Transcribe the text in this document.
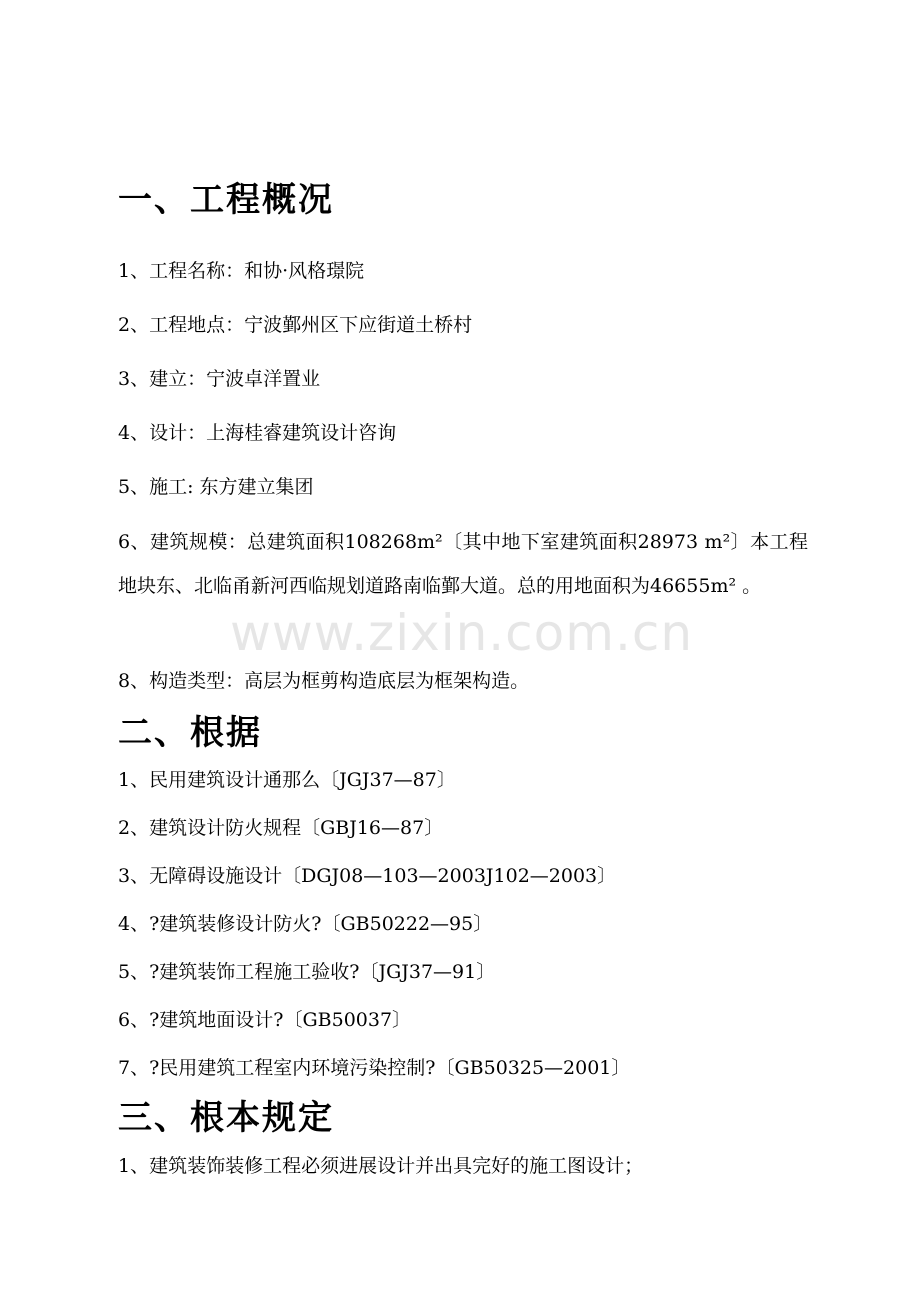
www.zixin.com.cn
一、工程概况
1、工程名称：和协·风格璟院
2、工程地点：宁波鄞州区下应街道土桥村
3、建立：宁波卓洋置业
4、设计：上海桂睿建筑设计咨询
5、施工: 东方建立集团
6、建筑规模：总建筑面积108268m²〔其中地下室建筑面积28973 m²〕本工程地块东、北临甬新河西临规划道路南临鄞大道。总的用地面积为46655m² 。
8、构造类型：高层为框剪构造底层为框架构造。
二、根据
1、民用建筑设计通那么〔JGJ37—87〕
2、建筑设计防火规程〔GBJ16—87〕
3、无障碍设施设计〔DGJ08—103—2003J102—2003〕
4、?建筑装修设计防火?〔GB50222—95〕
5、?建筑装饰工程施工验收?〔JGJ37—91〕
6、?建筑地面设计?〔GB50037〕
7、?民用建筑工程室内环境污染控制?〔GB50325—2001〕
三、根本规定
1、建筑装饰装修工程必须进展设计并出具完好的施工图设计；
